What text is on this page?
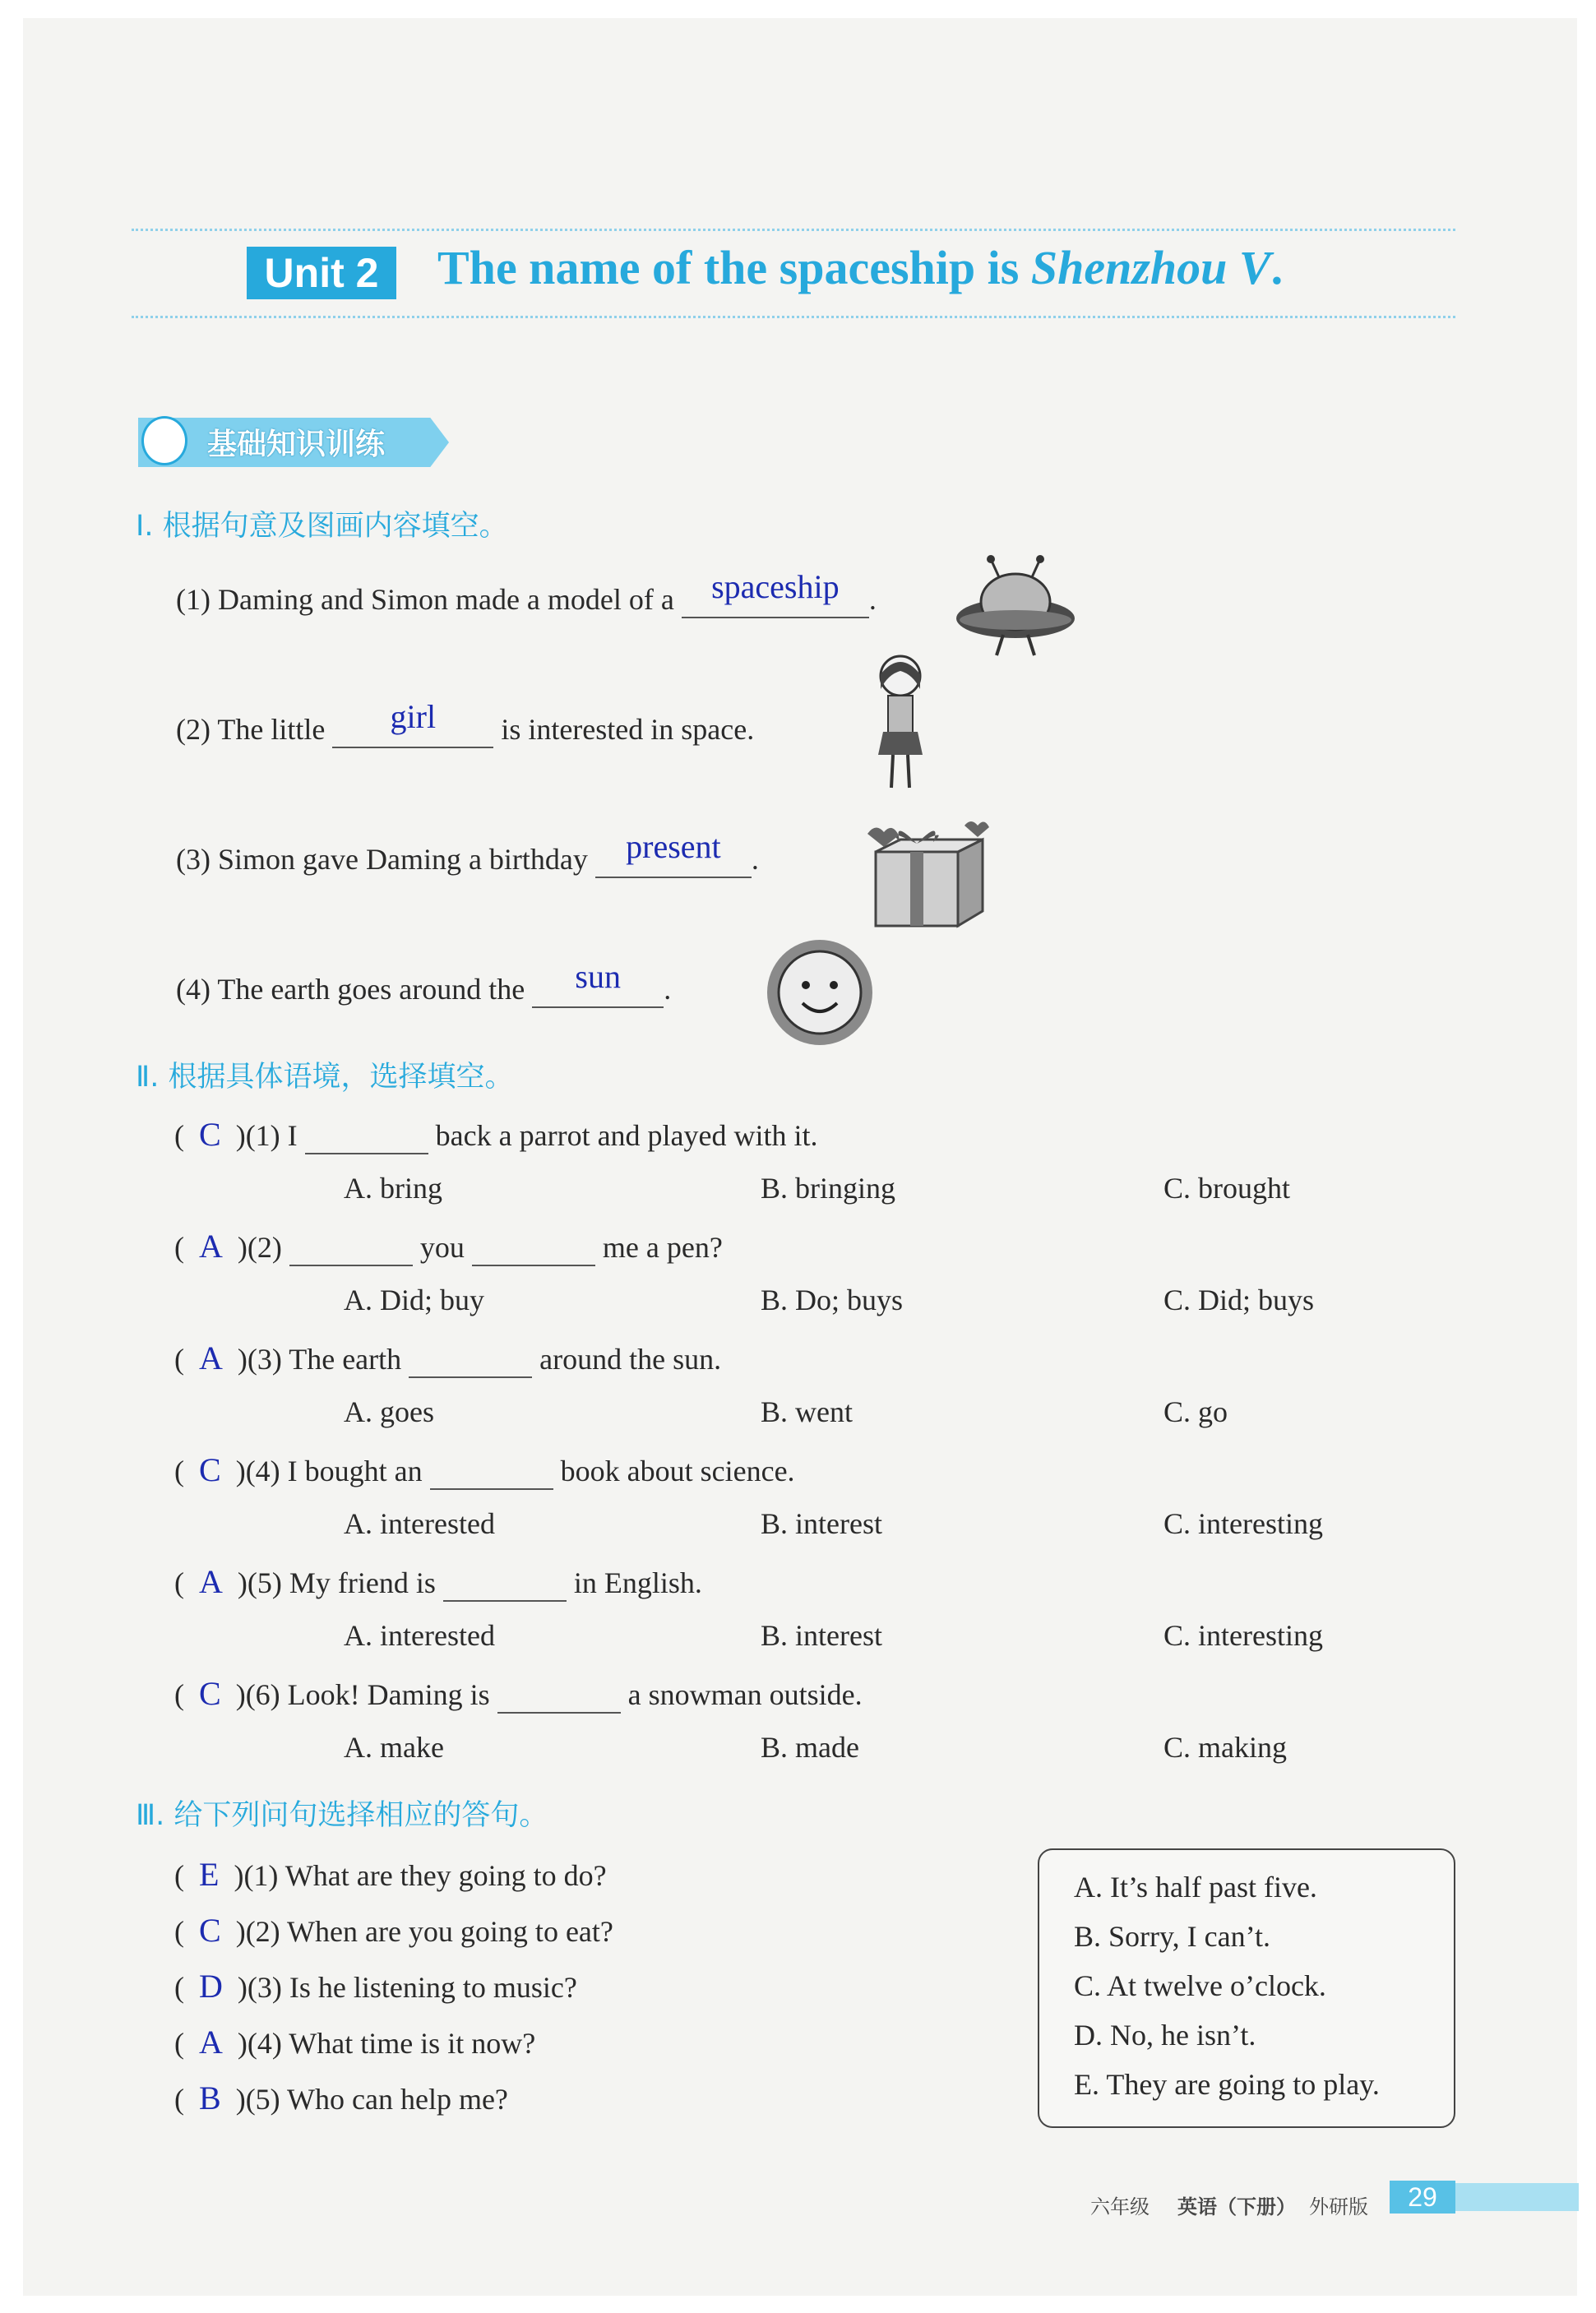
Unit 2	The name of the spaceship is Shenzhou V.
基础知识训练
Ⅰ. 根据句意及图画内容填空。
(1) Daming and Simon made a model of a	spaceship	.
(2) The little	girl	is interested in space.
(3) Simon gave Daming a birthday	present	.
(4) The earth goes around the	sun	.
Ⅱ. 根据具体语境，选择填空。
(  C  )(1) I	back a parrot and played with it.
A. bring	B. bringing	C. brought
(  A  )(2)	you	me a pen?
A. Did; buy	B. Do; buys	C. Did; buys
(  A  )(3) The earth	around the sun.
A. goes	B. went	C. go
(  C  )(4) I bought an	book about science.
A. interested	B. interest	C. interesting
(  A  )(5) My friend is	in English.
A. interested	B. interest	C. interesting
(  C  )(6) Look! Daming is	a snowman outside.
A. make	B. made	C. making
Ⅲ. 给下列问句选择相应的答句。
(  E  )(1) What are they going to do?
(  C  )(2) When are you going to eat?
(  D  )(3) Is he listening to music?
(  A  )(4) What time is it now?
(  B  )(5) Who can help me?
A. It’s half past five.
B. Sorry, I can’t.
C. At twelve o’clock.
D. No, he isn’t.
E. They are going to play.
六年级 英语（下册） 外研版	29
